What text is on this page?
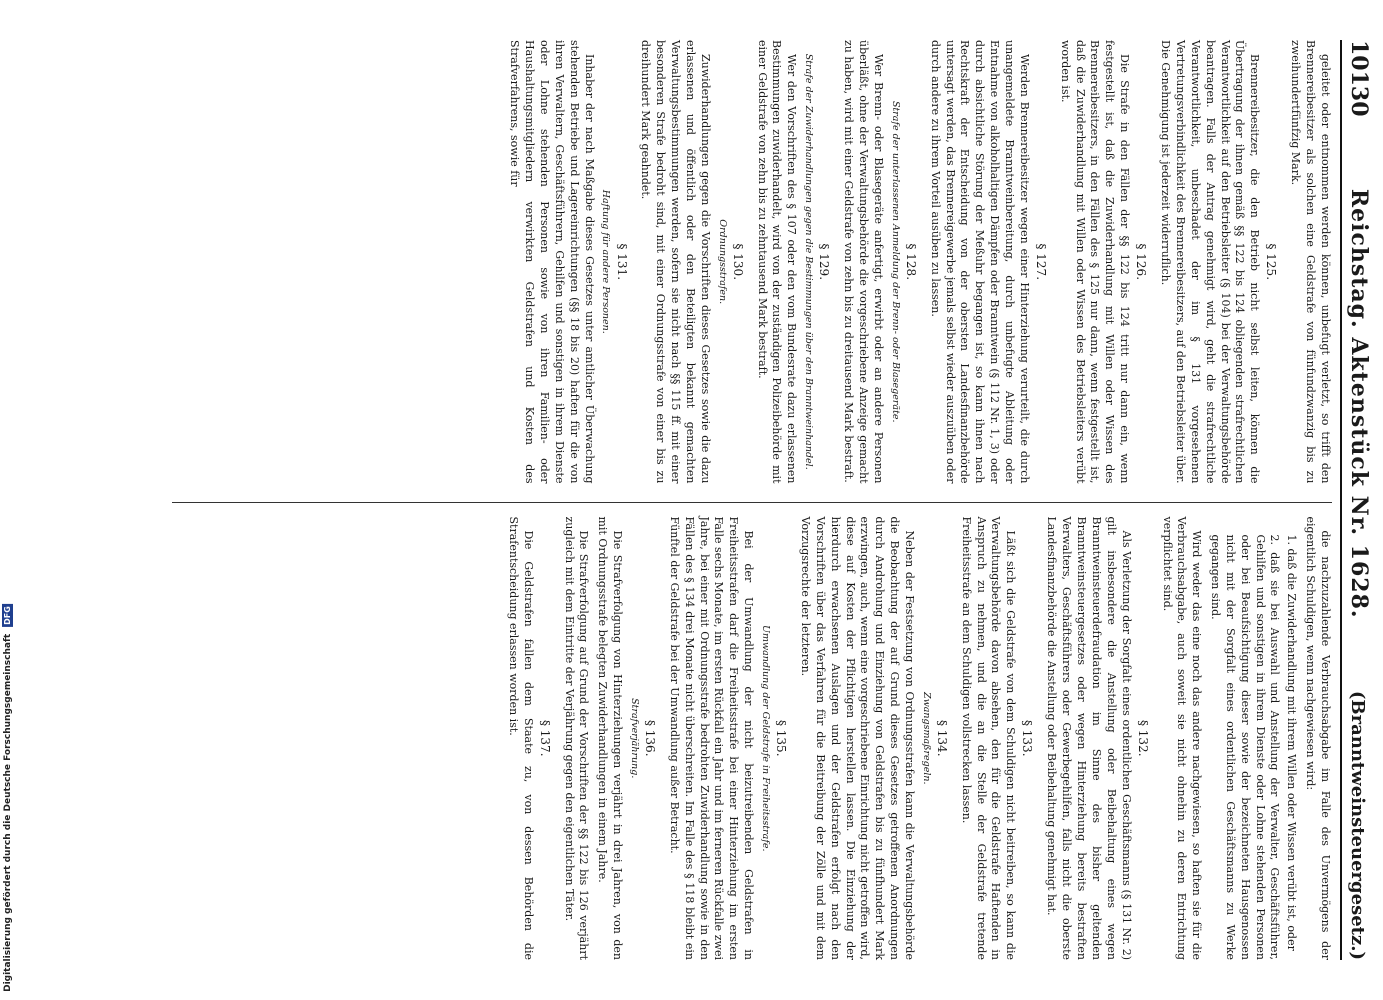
Digitalisierung gefördert durch die Deutsche Forschungsgemeinschaft DFG
10130
Reichstag. Aktenstück Nr. 1628.
(Branntweinsteuergesetz.)

geleitet oder entnommen werden können, unbefugt verletzt, so trifft den Brennereibesitzer als solchen eine Geldstrafe von fünfundzwanzig bis zu zweihundertfünfzig Mark.

§ 125.

Brennereibesitzer, die den Betrieb nicht selbst leiten, können die Übertragung der ihnen gemäß §§ 122 bis 124 obliegenden strafrechtlichen Verantwortlichkeit auf den Betriebsleiter (§ 104) bei der Verwaltungsbehörde beantragen. Falls der Antrag genehmigt wird, geht die strafrechtliche Verantwortlichkeit, unbeschadet der im § 131 vorgesehenen Vertretungsverbindlichkeit des Brennereibesitzers, auf den Betriebsleiter über. Die Genehmigung ist jederzeit widerruflich.

§ 126.

Die Strafe in den Fällen der §§ 122 bis 124 tritt nur dann ein, wenn festgestellt ist, daß die Zuwiderhandlung mit Willen oder Wissen des Brennereibesitzers, in den Fällen des § 125 nur dann, wenn festgestellt ist, daß die Zuwiderhandlung mit Willen oder Wissen des Betriebsleiters verübt worden ist.

§ 127.

Werden Brennereibesitzer wegen einer Hinterziehung verurteilt, die durch unangemeldete Branntweinbereitung, durch unbefugte Ableitung oder Entnahme von alkoholhaltigen Dämpfen oder Branntwein (§ 112 Nr. 1, 3) oder durch absichtliche Störung der Meßuhr begangen ist, so kann ihnen nach Rechtskraft der Entscheidung von der obersten Landesfinanzbehörde untersagt werden, das Brennereigewerbe jemals selbst wieder auszuüben oder durch andere zu ihrem Vorteil ausüben zu lassen.

§ 128.
Strafe der unterlassenen Anmeldung der Brenn- oder Blasegeräte.

Wer Brenn- oder Blasegeräte anfertigt, erwirbt oder an andere Personen überläßt, ohne der Verwaltungsbehörde die vorgeschriebene Anzeige gemacht zu haben, wird mit einer Geldstrafe von zehn bis zu dreitausend Mark bestraft.

§ 129.
Strafe der Zuwiderhandlungen gegen die Bestimmungen über den Branntweinhandel.

Wer den Vorschriften des § 107 oder den vom Bundesrate dazu erlassenen Bestimmungen zuwiderhandelt, wird von der zuständigen Polizeibehörde mit einer Geldstrafe von zehn bis zu zehntausend Mark bestraft.

§ 130.
Ordnungsstrafen.

Zuwiderhandlungen gegen die Vorschriften dieses Gesetzes sowie die dazu erlassenen und öffentlich oder den Beteiligten bekannt gemachten Verwaltungsbestimmungen werden, sofern sie nicht nach §§ 115 ff. mit einer besonderen Strafe bedroht sind, mit einer Ordnungsstrafe von einer bis zu dreihundert Mark geahndet.

§ 131.
Haftung für andere Personen.

Inhaber der nach Maßgabe dieses Gesetzes unter amtlicher Überwachung stehenden Betriebe und Lagereinrichtungen (§§ 18 bis 20) haften für die von ihren Verwaltern, Geschäftsführern, Gehilfen und sonstigen in ihrem Dienste oder Lohne stehenden Personen sowie von ihren Familien- oder Haushaltungsmitgliedern verwirkten Geldstrafen und Kosten des Strafverfahrens, sowie für

die nachzuzahlende Verbrauchsabgabe im Falle des Unvermögens der eigentlich Schuldigen, wenn nachgewiesen wird:

1. daß die Zuwiderhandlung mit ihrem Willen oder Wissen verübt ist, oder
2. daß sie bei Auswahl und Anstellung der Verwalter, Geschäftsführer, Gehilfen und sonstigen in ihrem Dienste oder Lohne stehenden Personen oder bei Beaufsichtigung dieser sowie der bezeichneten Hausgenossen nicht mit der Sorgfalt eines ordentlichen Geschäftsmanns zu Werke gegangen sind.

Wird weder das eine noch das andere nachgewiesen, so haften sie für die Verbrauchsabgabe, auch soweit sie nicht ohnehin zu deren Entrichtung verpflichtet sind.

§ 132.

Als Verletzung der Sorgfalt eines ordentlichen Geschäftsmanns (§ 131 Nr. 2) gilt insbesondere die Anstellung oder Beibehaltung eines wegen Branntweinsteuerdefraudation im Sinne des bisher geltenden Branntweinsteuergesetzes oder wegen Hinterziehung bereits bestraften Verwalters, Geschäftsführers oder Gewerbegehilfen, falls nicht die oberste Landesfinanzbehörde die Anstellung oder Beibehaltung genehmigt hat.

§ 133.

Läßt sich die Geldstrafe von dem Schuldigen nicht beitreiben, so kann die Verwaltungsbehörde davon absehen, den für die Geldstrafe Haftenden in Anspruch zu nehmen, und die an die Stelle der Geldstrafe tretende Freiheitsstrafe an dem Schuldigen vollstrecken lassen.

§ 134.
Zwangsmaßregeln.

Neben der Festsetzung von Ordnungsstrafen kann die Verwaltungsbehörde die Beobachtung der auf Grund dieses Gesetzes getroffenen Anordnungen durch Androhung und Einziehung von Geldstrafen bis zu fünfhundert Mark erzwingen, auch, wenn eine vorgeschriebene Einrichtung nicht getroffen wird, diese auf Kosten der Pflichtigen herstellen lassen. Die Einziehung der hierdurch erwachsenen Auslagen und der Geldstrafen erfolgt nach den Vorschriften über das Verfahren für die Beitreibung der Zölle und mit dem Vorzugsrechte der letzteren.

§ 135.
Umwandlung der Geldstrafe in Freiheitsstrafe.

Bei der Umwandlung der nicht beizutreibenden Geldstrafen in Freiheitsstrafen darf die Freiheitsstrafe bei einer Hinterziehung im ersten Falle sechs Monate, im ersten Rückfall ein Jahr und im ferneren Rückfalle zwei Jahre, bei einer mit Ordnungsstrafe bedrohten Zuwiderhandlung sowie in den Fällen des § 134 drei Monate nicht überschreiten. Im Falle des § 118 bleibt ein Fünftel der Geldstrafe bei der Umwandlung außer Betracht.

§ 136.
Strafverjährung.

Die Strafverfolgung von Hinterziehungen verjährt in drei Jahren, von den mit Ordnungsstrafe belegten Zuwiderhandlungen in einem Jahre.

Die Strafverfolgung auf Grund der Vorschriften der §§ 122 bis 126 verjährt zugleich mit dem Eintritte der Verjährung gegen den eigentlichen Täter.

§ 137.

Die Geldstrafen fallen dem Staate zu, von dessen Behörden die Strafentscheidung erlassen worden ist.
